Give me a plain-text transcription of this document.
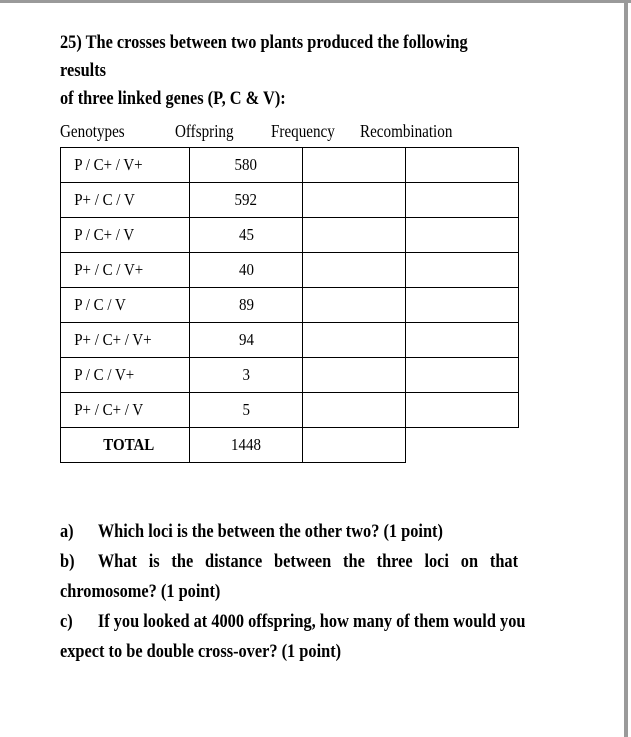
25) The crosses between two plants produced the following results
of three linked genes (P, C & V):
Genotypes	Offspring Frequency Recombination
P / C+ / V+	580		
P+ / C / V	592		
P / C+ / V	45		
P+ / C / V+	40		
P / C / V	89		
P+ / C+ / V+	94		
P / C / V+	3		
P+ / C+ / V	5		
TOTAL	1448		
a) Which loci is the between the other two? (1 point)
b) What is the distance between the three loci on that
chromosome? (1 point)
c) If you looked at 4000 offspring, how many of them would you
expect to be double cross-over? (1 point)
